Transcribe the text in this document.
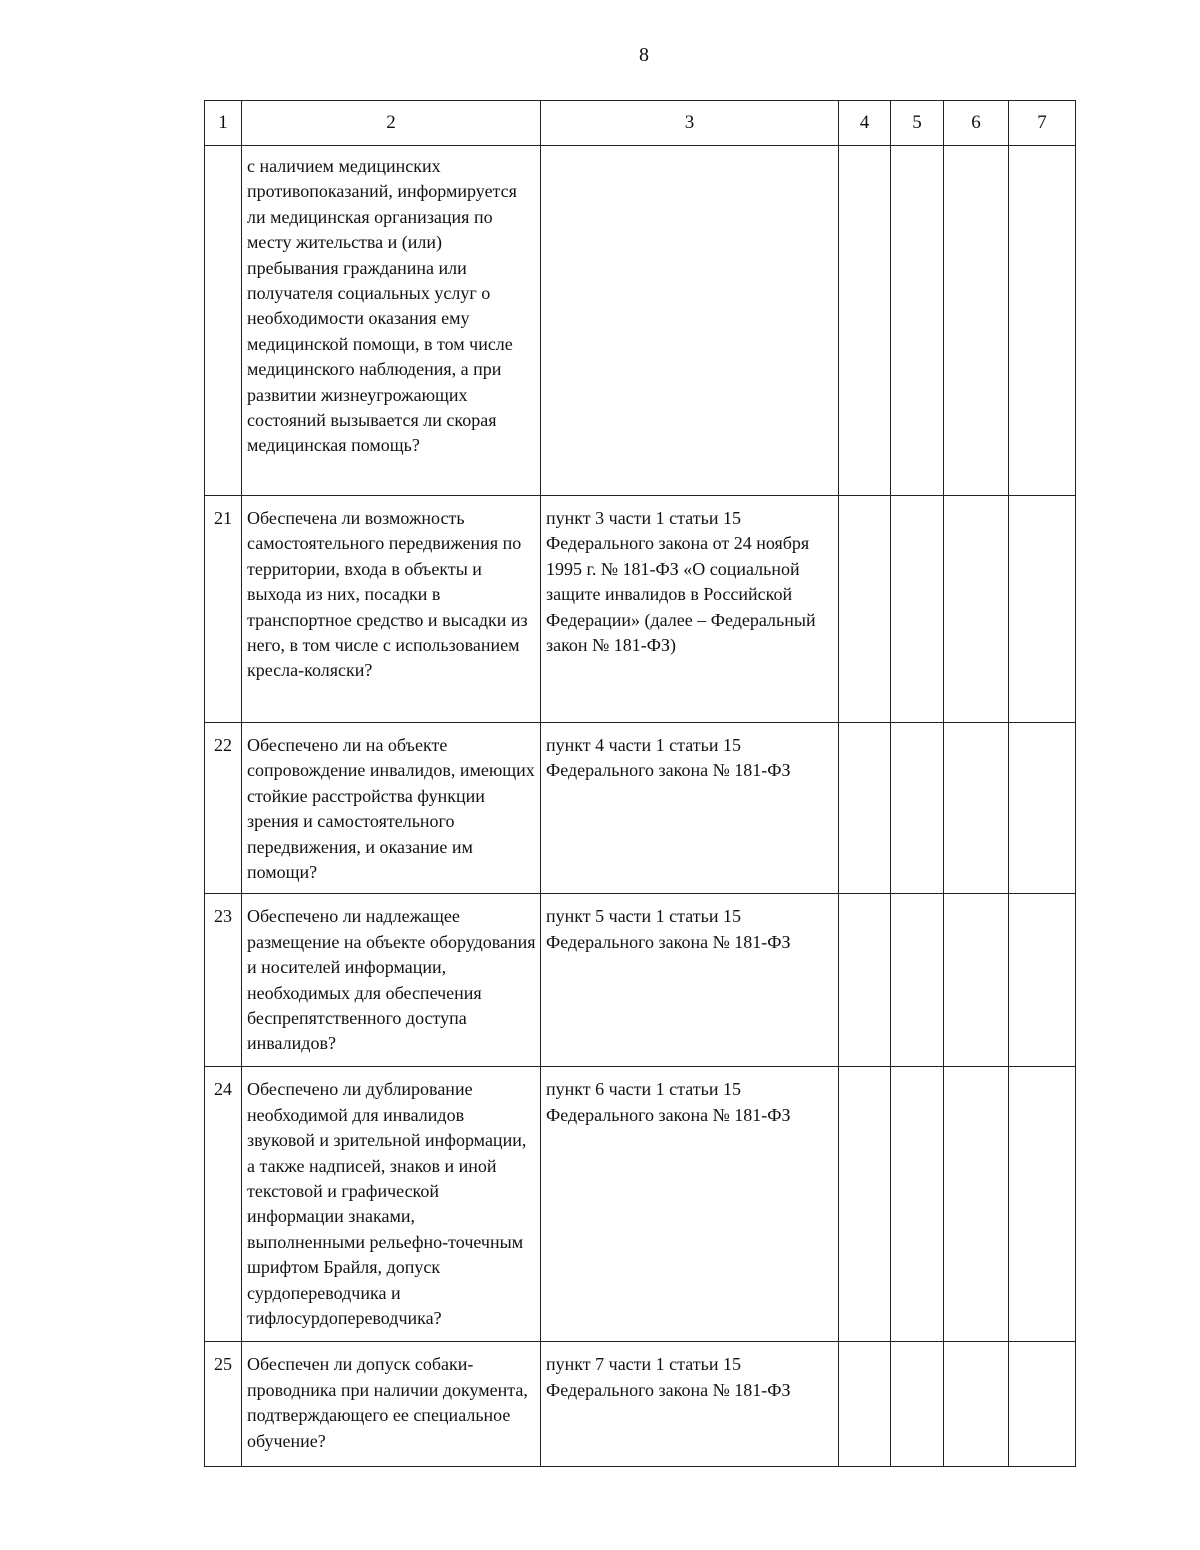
8
1	2	3	4	5	6	7
	с наличием медицинских противопоказаний, информируется ли медицинская организация по месту жительства и (или) пребывания гражданина или получателя социальных услуг о необходимости оказания ему медицинской помощи, в том числе медицинского наблюдения, а при развитии жизнеугрожающих состояний вызывается ли скорая медицинская помощь?					
21	Обеспечена ли возможность самостоятельного передвижения по территории, входа в объекты и выхода из них, посадки в транспортное средство и высадки из него, в том числе с использованием кресла-коляски?	пункт 3 части 1 статьи 15 Федерального закона от 24 ноября 1995 г. № 181-ФЗ «О социальной защите инвалидов в Российской Федерации» (далее – Федеральный закон № 181-ФЗ)				
22	Обеспечено ли на объекте сопровождение инвалидов, имеющих стойкие расстройства функции зрения и самостоятельного передвижения, и оказание им помощи?	пункт 4 части 1 статьи 15 Федерального закона № 181-ФЗ				
23	Обеспечено ли надлежащее размещение на объекте оборудования и носителей информации, необходимых для обеспечения беспрепятственного доступа инвалидов?	пункт 5 части 1 статьи 15 Федерального закона № 181-ФЗ				
24	Обеспечено ли дублирование необходимой для инвалидов звуковой и зрительной информации, а также надписей, знаков и иной текстовой и графической информации знаками, выполненными рельефно-точечным шрифтом Брайля, допуск сурдопереводчика и тифлосурдопереводчика?	пункт 6 части 1 статьи 15 Федерального закона № 181-ФЗ				
25	Обеспечен ли допуск собаки-проводника при наличии документа, подтверждающего ее специальное обучение?	пункт 7 части 1 статьи 15 Федерального закона № 181-ФЗ				
